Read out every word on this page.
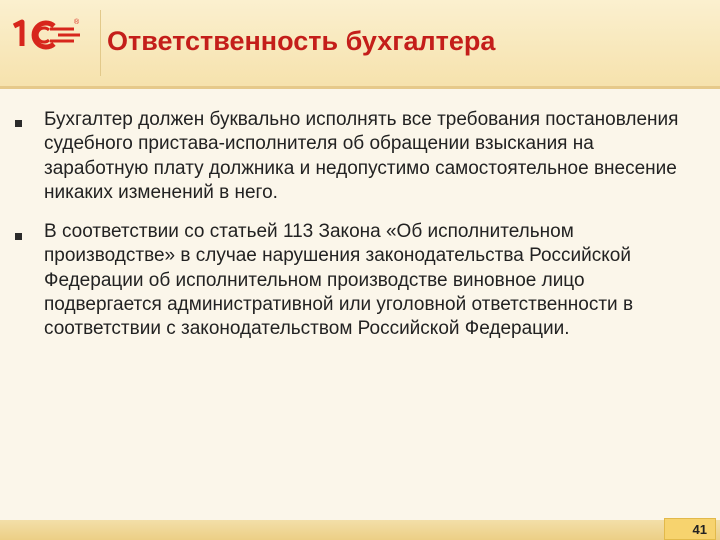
®
Ответственность бухгалтера
Бухгалтер должен буквально исполнять все требования постановления судебного пристава-исполнителя об обращении взыскания на заработную плату должника и недопустимо самостоятельное внесение никаких изменений в него.
В соответствии со статьей 113 Закона «Об исполнительном производстве» в случае нарушения законодательства Российской Федерации об исполнительном производстве виновное лицо подвергается административной или уголовной ответственности в соответствии с законодательством Российской Федерации.
41
